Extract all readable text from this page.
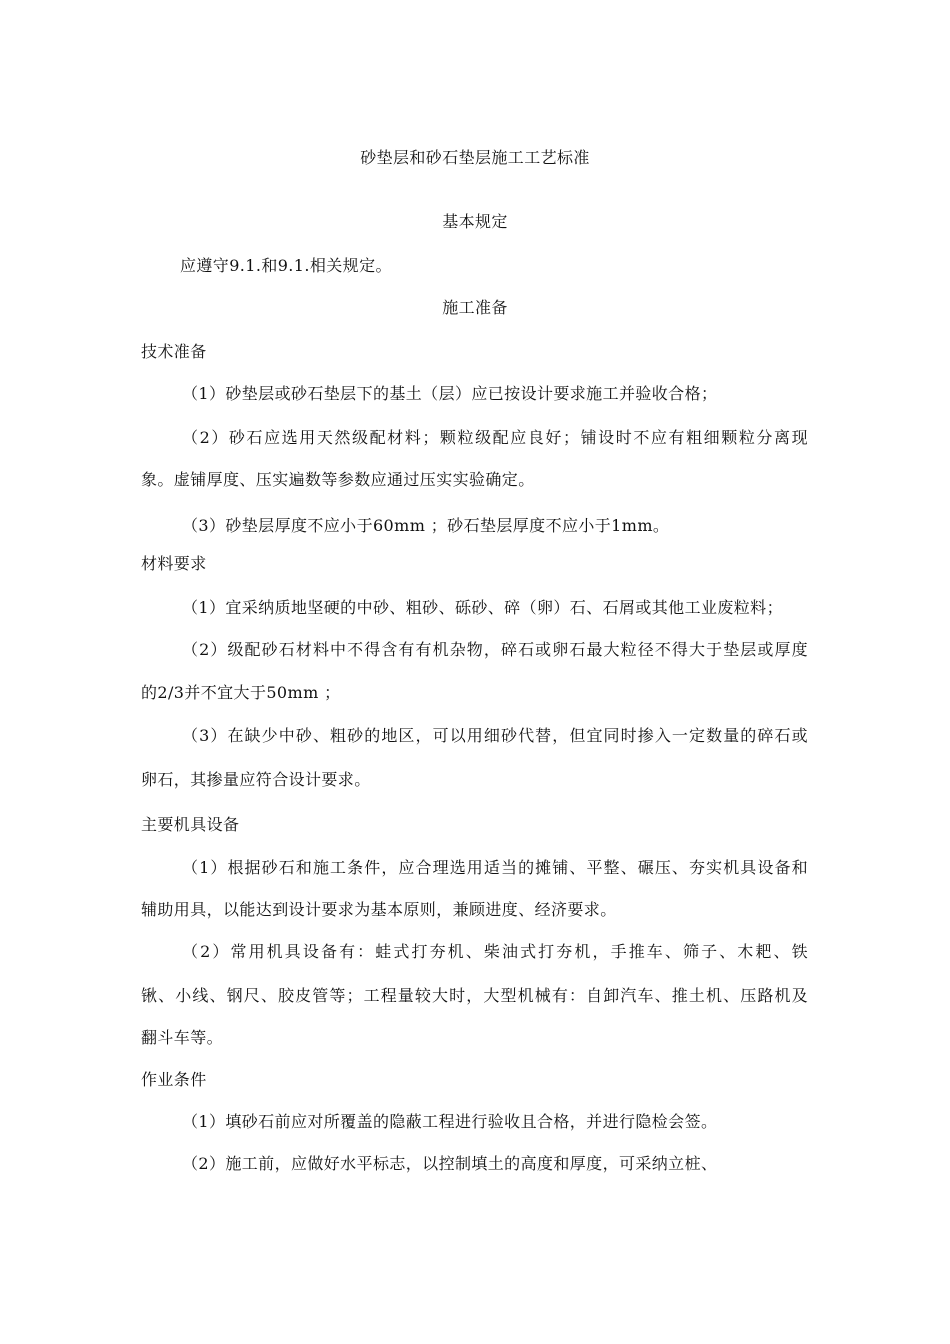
砂垫层和砂石垫层施工工艺标准
基本规定
应遵守9.1.和9.1.相关规定。
施工准备
技术准备
（1）砂垫层或砂石垫层下的基土（层）应已按设计要求施工并验收合格；
（2）砂石应选用天然级配材料；颗粒级配应良好；铺设时不应有粗细颗粒分离现
象。虚铺厚度、压实遍数等参数应通过压实实验确定。
（3）砂垫层厚度不应小于60mm ；砂石垫层厚度不应小于1mm。
材料要求
（1）宜采纳质地坚硬的中砂、粗砂、砾砂、碎（卵）石、石屑或其他工业废粒料；
（2）级配砂石材料中不得含有有机杂物，碎石或卵石最大粒径不得大于垫层或厚度
的2/3并不宜大于50mm ；
（3）在缺少中砂、粗砂的地区，可以用细砂代替，但宜同时掺入一定数量的碎石或
卵石，其掺量应符合设计要求。
主要机具设备
（1）根据砂石和施工条件，应合理选用适当的摊铺、平整、碾压、夯实机具设备和
辅助用具，以能达到设计要求为基本原则，兼顾进度、经济要求。
（2）常用机具设备有：蛙式打夯机、柴油式打夯机，手推车、筛子、木耙、铁
锹、小线、钢尺、胶皮管等；工程量较大时，大型机械有：自卸汽车、推土机、压路机及
翻斗车等。
作业条件
（1）填砂石前应对所覆盖的隐蔽工程进行验收且合格，并进行隐检会签。
（2）施工前，应做好水平标志，以控制填土的高度和厚度，可采纳立桩、
